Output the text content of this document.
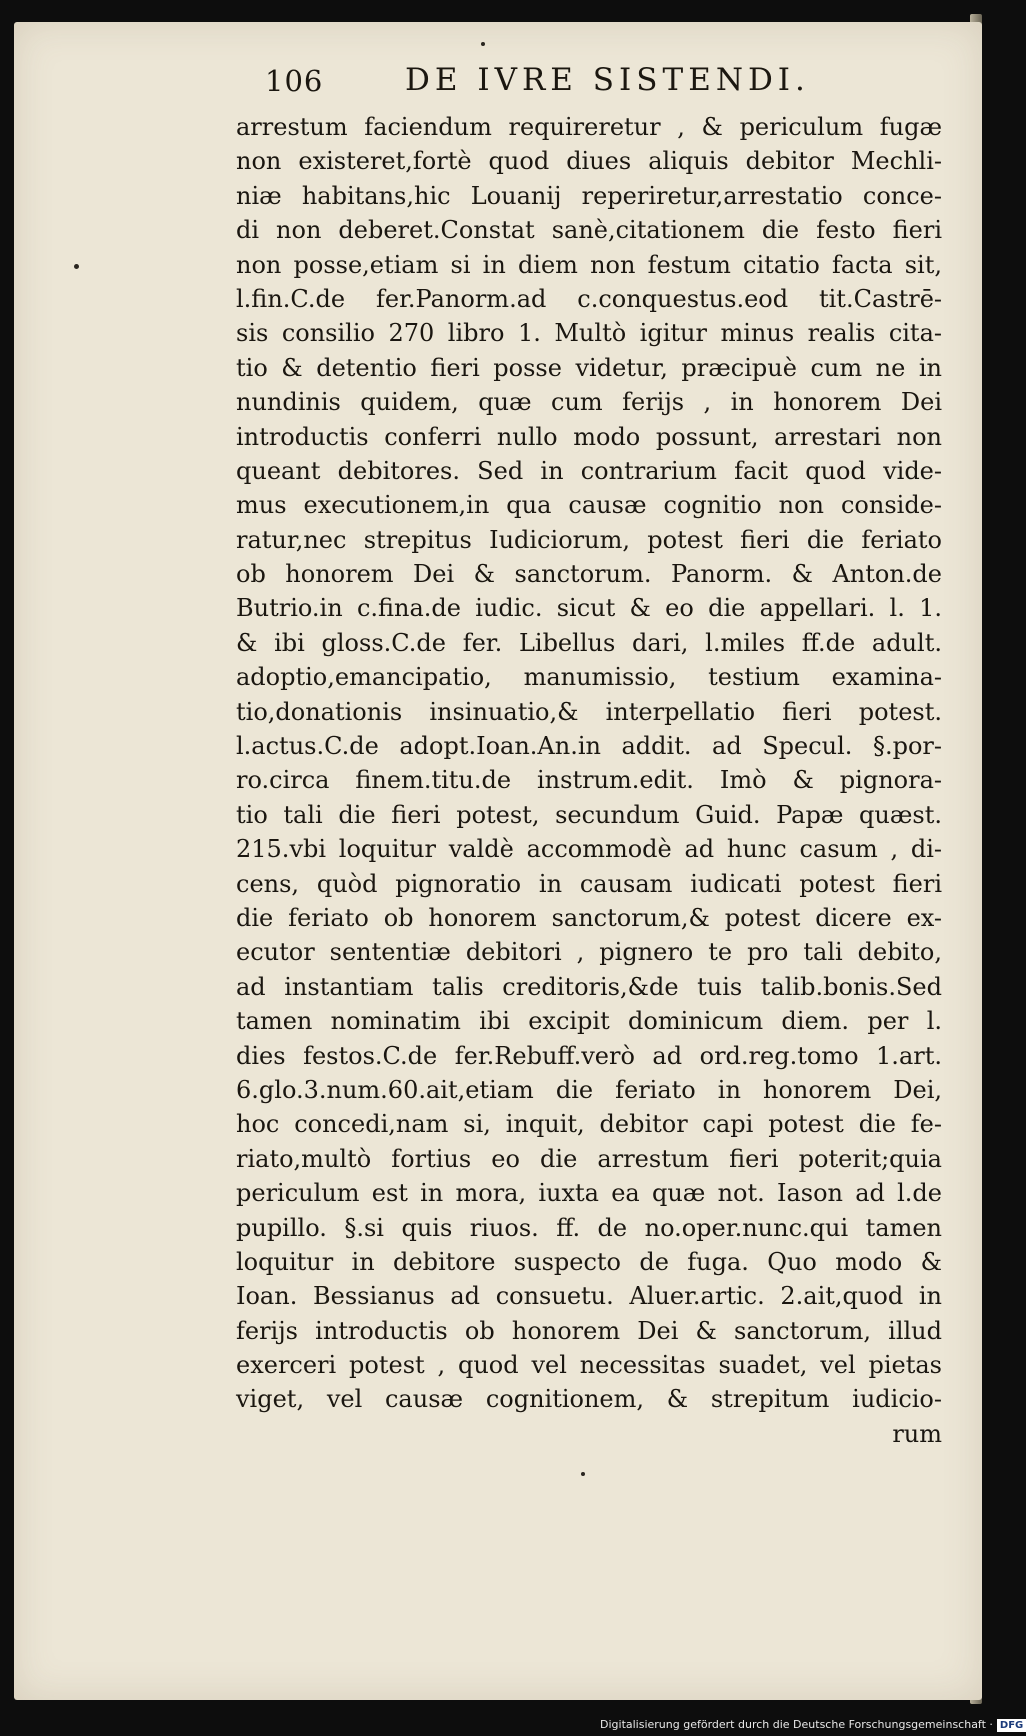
106	DE IVRE SISTENDI.
arrestum faciendum requireretur , & periculum fugæ
non existeret,fortè quod diues aliquis debitor Mechli-
niæ habitans,hic Louanij reperiretur,arrestatio conce-
di non deberet.Constat sanè,citationem die festo fieri
non posse,etiam si in diem non festum citatio facta sit,
l.fin.C.de fer.Panorm.ad c.conquestus.eod tit.Castrē-
sis consilio 270 libro 1. Multò igitur minus realis cita-
tio & detentio fieri posse videtur, præcipuè cum ne in
nundinis quidem, quæ cum ferijs , in honorem Dei
introductis conferri nullo modo possunt, arrestari non
queant debitores. Sed in contrarium facit quod vide-
mus executionem,in qua causæ cognitio non conside-
ratur,nec strepitus Iudiciorum, potest fieri die feriato
ob honorem Dei & sanctorum. Panorm. & Anton.de
Butrio.in c.fina.de iudic. sicut & eo die appellari. l. 1.
& ibi gloss.C.de fer. Libellus dari, l.miles ff.de adult.
adoptio,emancipatio, manumissio, testium examina-
tio,donationis insinuatio,& interpellatio fieri potest.
l.actus.C.de adopt.Ioan.An.in addit. ad Specul. §.por-
ro.circa finem.titu.de instrum.edit. Imò & pignora-
tio tali die fieri potest, secundum Guid. Papæ quæst.
215.vbi loquitur valdè accommodè ad hunc casum , di-
cens, quòd pignoratio in causam iudicati potest fieri
die feriato ob honorem sanctorum,& potest dicere ex-
ecutor sententiæ debitori , pignero te pro tali debito,
ad instantiam talis creditoris,&de tuis talib.bonis.Sed
tamen nominatim ibi excipit dominicum diem. per l.
dies festos.C.de fer.Rebuff.verò ad ord.reg.tomo 1.art.
6.glo.3.num.60.ait,etiam die feriato in honorem Dei,
hoc concedi,nam si, inquit, debitor capi potest die fe-
riato,multò fortius eo die arrestum fieri poterit;quia
periculum est in mora, iuxta ea quæ not. Iason ad l.de
pupillo. §.si quis riuos. ff. de no.oper.nunc.qui tamen
loquitur in debitore suspecto de fuga. Quo modo &
Ioan. Bessianus ad consuetu. Aluer.artic. 2.ait,quod in
ferijs introductis ob honorem Dei & sanctorum, illud
exerceri potest , quod vel necessitas suadet, vel pietas
viget, vel causæ cognitionem, & strepitum iudicio-
rum
Digitalisierung gefördert durch die Deutsche Forschungsgemeinschaft · DFG
